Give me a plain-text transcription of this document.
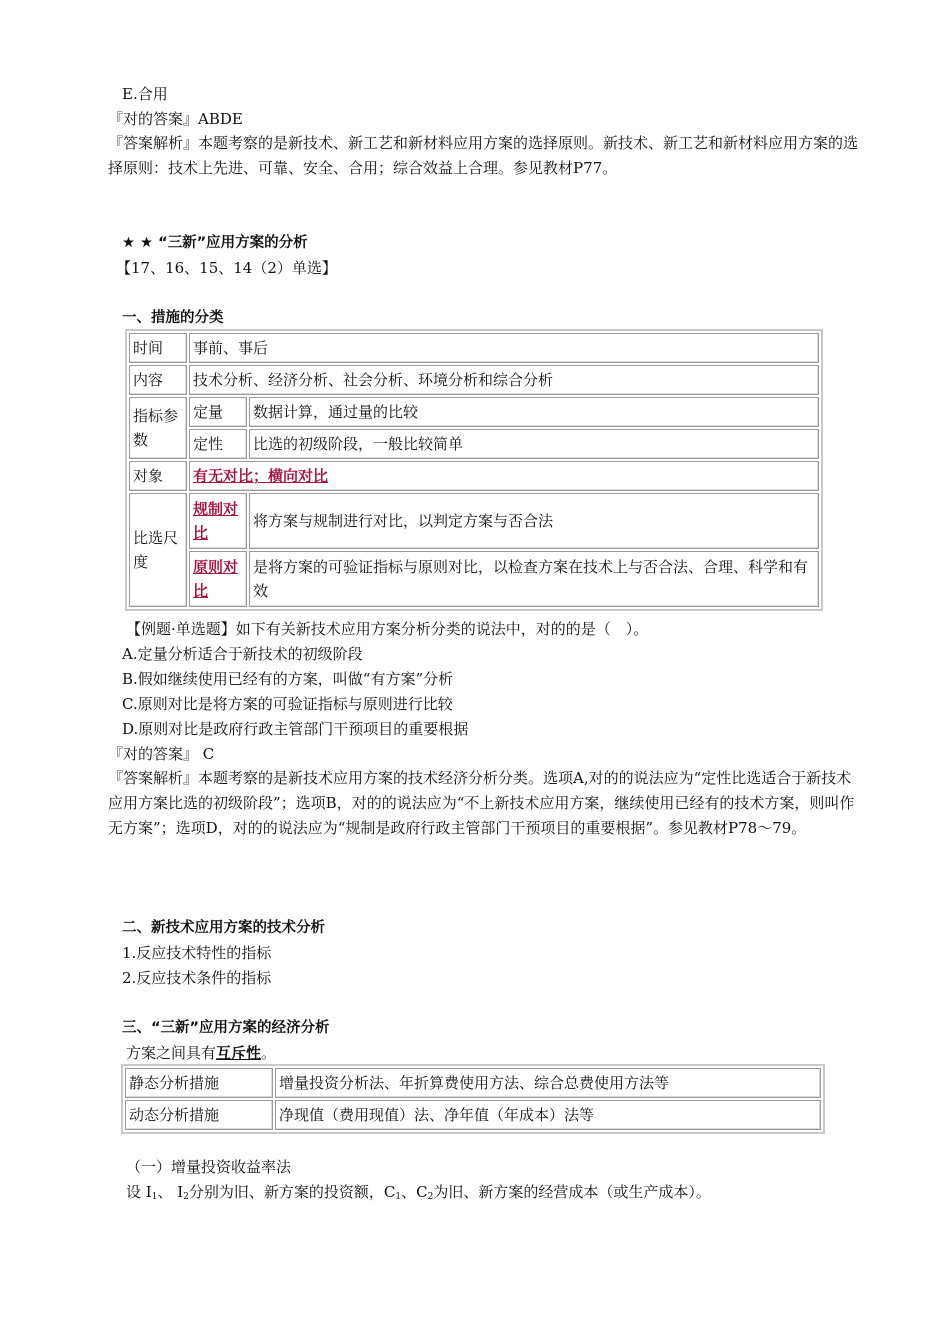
E.合用
『对的答案』ABDE
『答案解析』本题考察的是新技术、新工艺和新材料应用方案的选择原则。新技术、新工艺和新材料应用方案的选择原则：技术上先进、可靠、安全、合用；综合效益上合理。参见教材P77。
★ ★ “三新”应用方案的分析
【17、16、15、14（2）单选】
一、措施的分类
时间	事前、事后	
内容	技术分析、经济分析、社会分析、环境分析和综合分析	
指标参数	定量	数据计算，通过量的比较
	定性	比选的初级阶段，一般比较简单
对象	有无对比；横向对比	
比选尺度	规制对比	将方案与规制进行对比，以判定方案与否合法
	原则对比	是将方案的可验证指标与原则对比，以检查方案在技术上与否合法、合理、科学和有效
【例题·单选题】如下有关新技术应用方案分析分类的说法中，对的的是（　）。
A.定量分析适合于新技术的初级阶段
B.假如继续使用已经有的方案，叫做“有方案”分析
C.原则对比是将方案的可验证指标与原则进行比较
D.原则对比是政府行政主管部门干预项目的重要根据
『对的答案』 C
『答案解析』本题考察的是新技术应用方案的技术经济分析分类。选项A,对的的说法应为“定性比选适合于新技术应用方案比选的初级阶段”；选项B，对的的说法应为“不上新技术应用方案，继续使用已经有的技术方案，则叫作无方案”；选项D，对的的说法应为“规制是政府行政主管部门干预项目的重要根据”。参见教材P78～79。
二、新技术应用方案的技术分析
1.反应技术特性的指标
2.反应技术条件的指标
三、“三新”应用方案的经济分析
方案之间具有互斥性。
静态分析措施	增量投资分析法、年折算费使用方法、综合总费使用方法等
动态分析措施	净现值（费用现值）法、净年值（年成本）法等
（一）增量投资收益率法
设 $I_1$、 $I_2$分别为旧、新方案的投资额，$C_1$、$C_2$为旧、新方案的经营成本（或生产成本）。
